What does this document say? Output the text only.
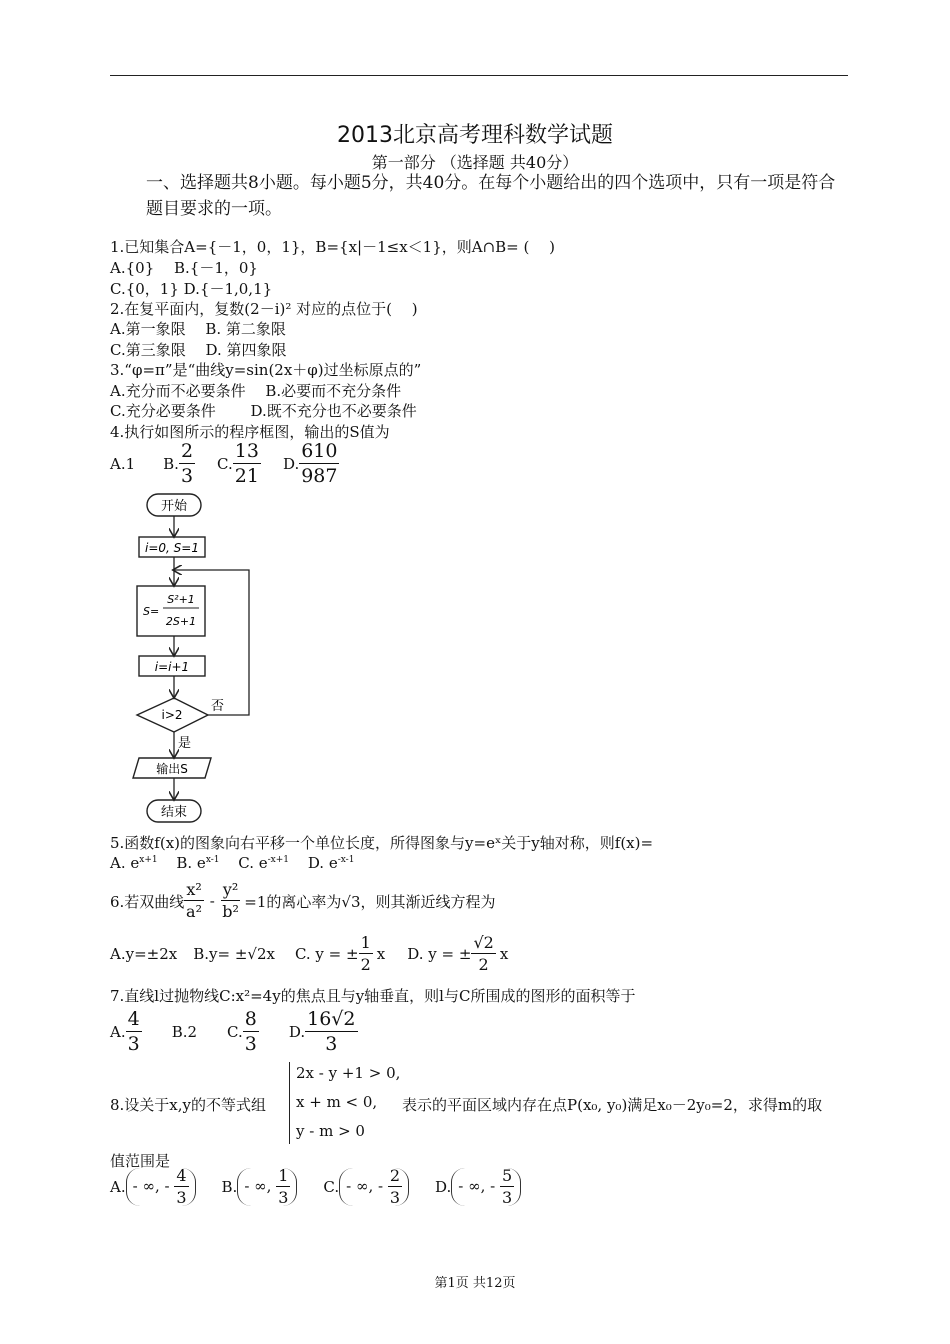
2013北京高考理科数学试题
第一部分 （选择题 共40分）
一、选择题共8小题。每小题5分，共40分。在每个小题给出的四个选项中，只有一项是符合题目要求的一项。
1.已知集合A={－1，0，1}，B={x|－1≤x＜1}，则A∩B= (　 )
A.{0}　 B.{－1，0}
C.{0，1} D.{－1,0,1}
2.在复平面内，复数(2－i)² 对应的点位于(　 )
A.第一象限　 B. 第二象限
C.第三象限　 D. 第四象限
3.“φ=π”是“曲线y=sin(2x＋φ)过坐标原点的”
A.充分而不必要条件　 B.必要而不充分条件
C.充分必要条件　　 D.既不充分也不必要条件
4.执行如图所示的程序框图，输出的S值为
A.1 B. $\frac{2}{3} C$. $\frac{13}{21} D$. $\frac{610}{987}$
开始
i=0, S=1
S=
S²+1
2S+1
i=i+1
i>2
否
是
输出S
结束
5.函数f(x)的图象向右平移一个单位长度，所得图象与y=eˣ关于y轴对称，则f(x)=
A. $e^{x+1}$ B. $e^{x-1}$ C. $e^{-x+1}$ D. $e^{-x-1}$
6.若双曲线 $\frac{\text{x²}}{\text{a²}} - \frac{\text{y²}}{\text{b²}} =1$的离心率为√3，则其渐近线方程为
A.y=±2x B.y= ±√2x C. y = ± $\frac{1}{2}$ x D. y = ± $\frac{√2}{2}$ x
7.直线l过抛物线C:x²=4y的焦点且与y轴垂直，则l与C所围成的图形的面积等于
A. $\frac{4}{3} B.2$ C. $\frac{8}{3} D$. $\frac{16√2}{3}$
8.设关于x,y的不等式组
2x - y +1 > 0,
x + m < 0,
y - m > 0
表示的平面区域内存在点P(x₀, y₀)满足x₀－2y₀=2，求得m的取
值范围是
A. - ∞, - $\frac{4}{3} B$. - ∞, $\frac{1}{3} C$. - ∞, - $\frac{2}{3} D$. - ∞, - $\frac{5}{3}$
第1页 共12页
